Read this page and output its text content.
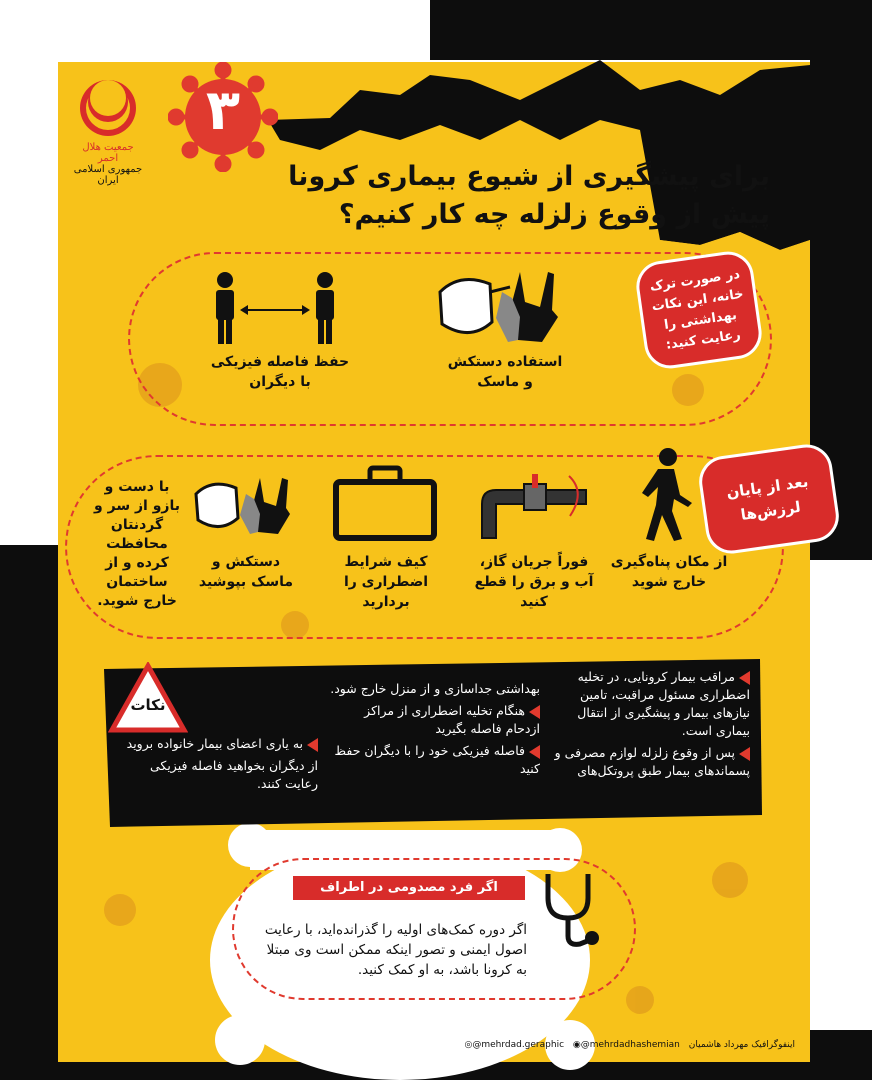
جمعیت هلال احمر
جمهوری اسلامی ایران
۳
برای پیشگیری از شیوع بیماری کرونا
پیش از وقوع زلزله چه کار کنیم؟
در صورت ترک خانه، این نکات بهداشتی را رعایت کنید:
استفاده دستکش و ماسک
حفظ فاصله فیزیکی با دیگران
بعد از پایان لرزش‌ها
از مکان پناه‌گیری خارج شوید
فوراً جریان گاز، آب و برق را قطع کنید
کیف شرایط اضطراری را بردارید
دستکش و ماسک بپوشید
با دست و بازو از سر و گردنتان محافظت کرده و از ساختمان خارج شوید.
نکات
مراقب بیمار کرونایی، در تخلیه اضطراری مسئول مراقبت، تامین نیازهای بیمار و پیشگیری از انتقال بیماری است.
پس از وقوع زلزله لوازم مصرفی و پسماندهای بیمار طبق پروتکل‌های
بهداشتی جداسازی و از منزل خارج شود.
هنگام تخلیه اضطراری از مراکز ازدحام فاصله بگیرید
فاصله فیزیکی خود را با دیگران حفظ کنید
به یاری اعضای بیمار خانواده بروید
از دیگران بخواهید فاصله فیزیکی رعایت کنند.
اگر فرد مصدومی در اطراف شماست
اگر دوره کمک‌های اولیه را گذرانده‌اید، با رعایت اصول ایمنی و تصور اینکه ممکن است وی مبتلا به کرونا باشد، به او کمک کنید.
◎@mehrdad.geraphic ◉@mehrdadhashemian اینفوگرافیک مهرداد هاشمیان
